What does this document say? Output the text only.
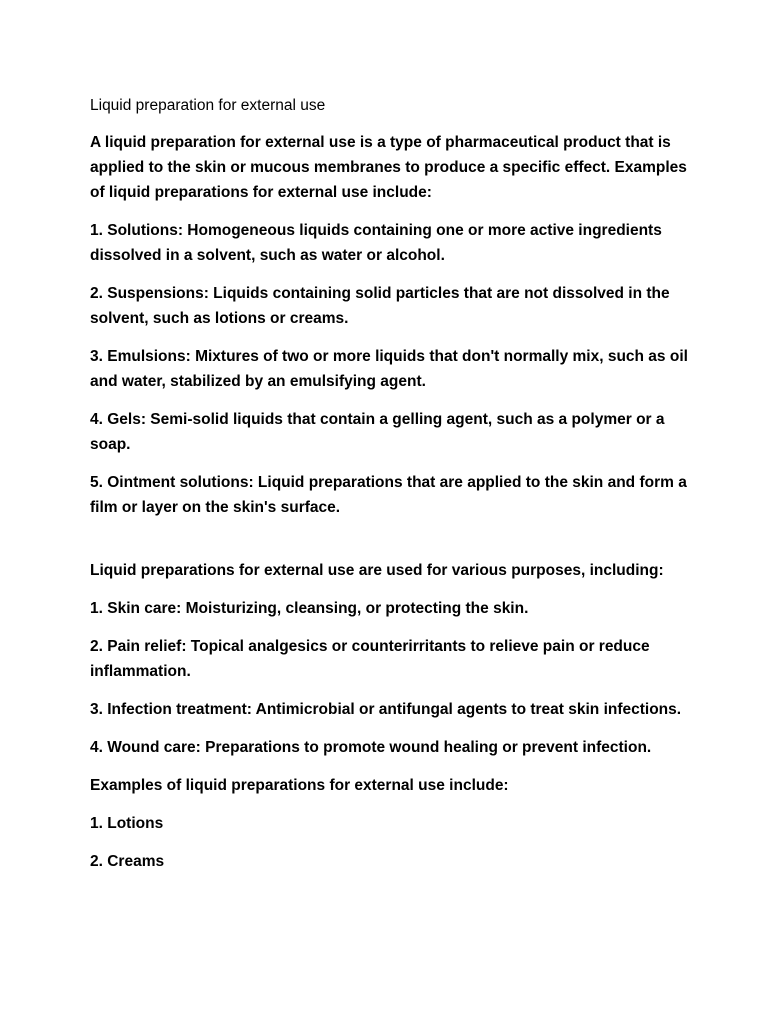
Liquid preparation for external use

A liquid preparation for external use is a type of pharmaceutical product that is applied to the skin or mucous membranes to produce a specific effect. Examples of liquid preparations for external use include:

1. Solutions: Homogeneous liquids containing one or more active ingredients dissolved in a solvent, such as water or alcohol.

2. Suspensions: Liquids containing solid particles that are not dissolved in the solvent, such as lotions or creams.

3. Emulsions: Mixtures of two or more liquids that don't normally mix, such as oil and water, stabilized by an emulsifying agent.

4. Gels: Semi-solid liquids that contain a gelling agent, such as a polymer or a soap.

5. Ointment solutions: Liquid preparations that are applied to the skin and form a film or layer on the skin's surface.

Liquid preparations for external use are used for various purposes, including:

1. Skin care: Moisturizing, cleansing, or protecting the skin.

2. Pain relief: Topical analgesics or counterirritants to relieve pain or reduce inflammation.

3. Infection treatment: Antimicrobial or antifungal agents to treat skin infections.

4. Wound care: Preparations to promote wound healing or prevent infection.

Examples of liquid preparations for external use include:

1. Lotions

2. Creams
